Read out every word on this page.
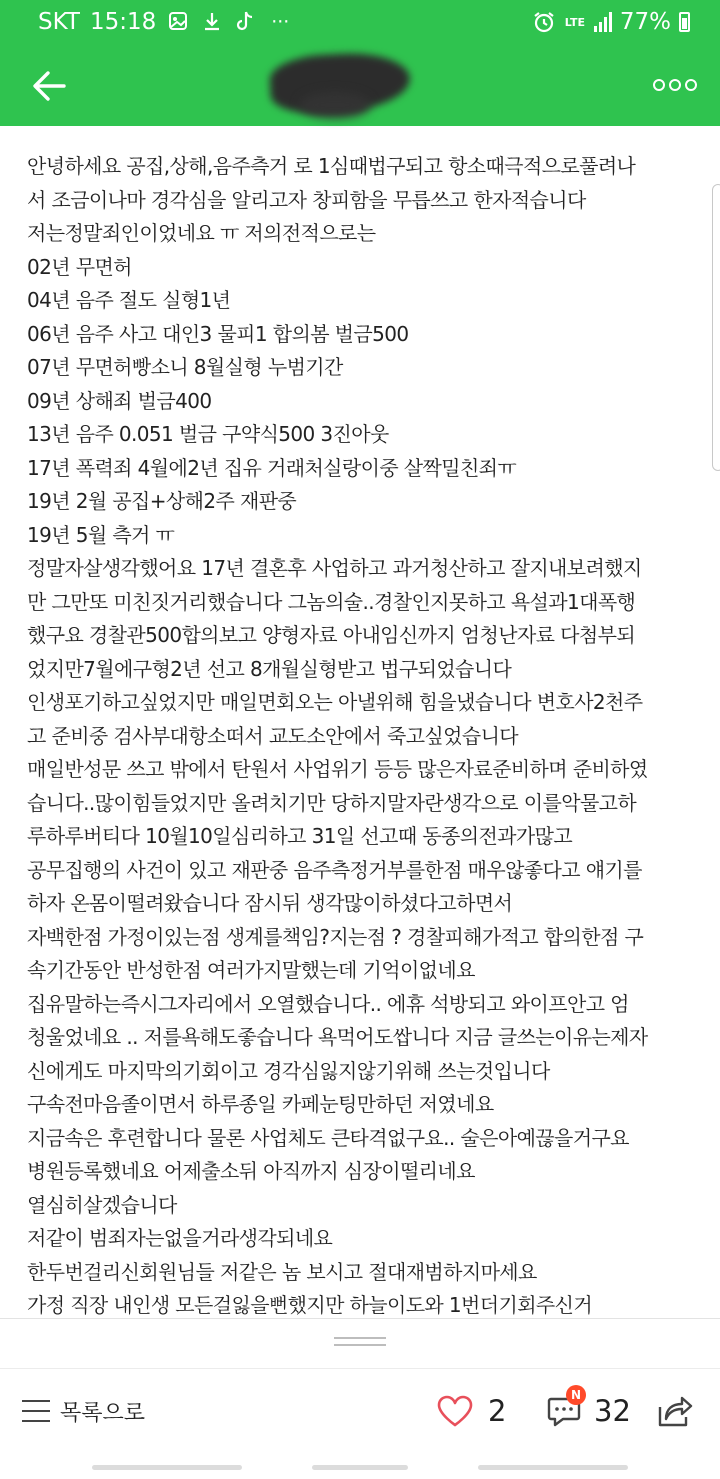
SKT 15:18	···	LTE 77%

안녕하세요 공집,상해,음주측거 로 1심때법구되고 항소때극적으로풀려나

서 조금이나마 경각심을 알리고자 창피함을 무릅쓰고 한자적습니다

저는정말죄인이었네요 ㅠ 저의전적으로는

02년 무면허

04년 음주 절도 실형1년

06년 음주 사고 대인3 물피1 합의봄 벌금500

07년 무면허빵소니 8월실형 누범기간

09년 상해죄 벌금400

13년 음주 0.051 벌금 구약식500 3진아웃

17년 폭력죄 4월에2년 집유 거래처실랑이중 살짝밀친죄ㅠ

19년 2월 공집+상해2주 재판중

19년 5월 측거 ㅠ

정말자살생각했어요 17년 결혼후 사업하고 과거청산하고 잘지내보려했지

만 그만또 미친짓거리했습니다 그놈의술..경찰인지못하고 욕설과1대폭행

했구요 경찰관500합의보고 양형자료 아내임신까지 엄청난자료 다첨부되

었지만7월에구형2년 선고 8개월실형받고 법구되었습니다

인생포기하고싶었지만 매일면회오는 아낼위해 힘을냈습니다 변호사2천주

고 준비중 검사부대항소떠서 교도소안에서 죽고싶었습니다

매일반성문 쓰고 밖에서 탄원서 사업위기 등등 많은자료준비하며 준비하였

습니다..많이힘들었지만 올려치기만 당하지말자란생각으로 이를악물고하

루하루버티다 10월10일심리하고 31일 선고때 동종의전과가많고

공무집행의 사건이 있고 재판중 음주측정거부를한점 매우않좋다고 얘기를

하자 온몸이떨려왔습니다 잠시뒤 생각많이하셨다고하면서

자백한점 가정이있는점 생계를책임?지는점 ? 경찰피해가적고 합의한점 구

속기간동안 반성한점 여러가지말했는데 기억이없네요

집유말하는즉시그자리에서 오열했습니다.. 에휴 석방되고 와이프안고 엄

청울었네요 .. 저를욕해도좋습니다 욕먹어도쌉니다 지금 글쓰는이유는제자

신에게도 마지막의기회이고 경각심잃지않기위해 쓰는것입니다

구속전마음졸이면서 하루종일 카페눈팅만하던 저였네요

지금속은 후련합니다 물론 사업체도 큰타격없구요.. 술은아예끊을거구요

병원등록했네요 어제출소뒤 아직까지 심장이떨리네요

열심히살겠습니다

저같이 범죄자는없을거라생각되네요

한두번걸리신회원님들 저같은 놈 보시고 절대재범하지마세요

가정 직장 내인생 모든걸잃을뻔했지만 하늘이도와 1번더기회주신거

목록으로	2	N 32
